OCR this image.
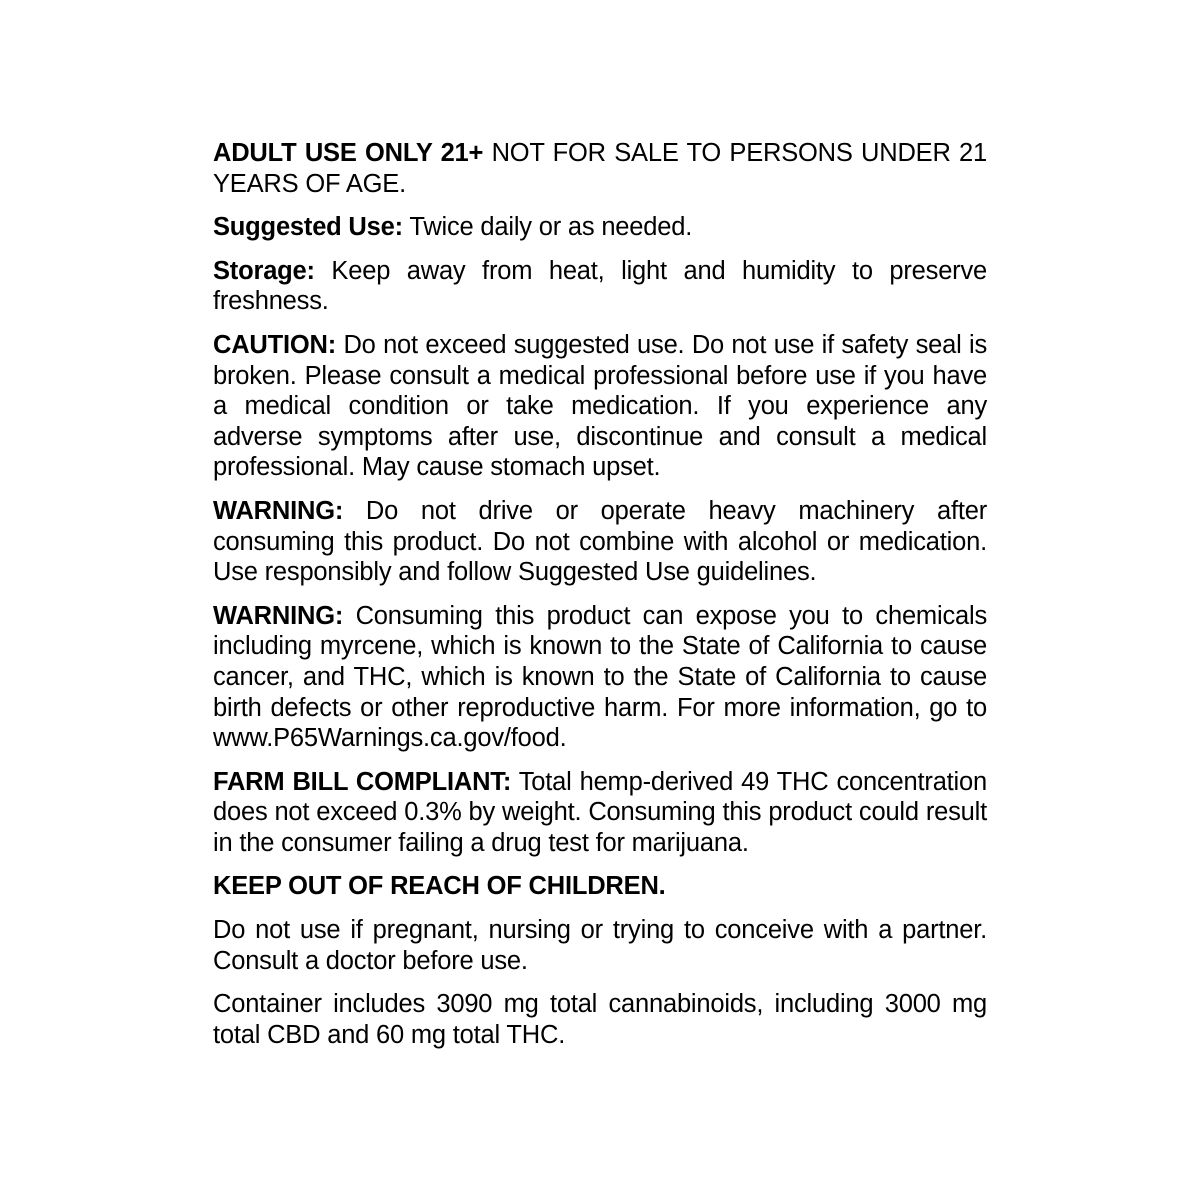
ADULT USE ONLY 21+ NOT FOR SALE TO PERSONS UNDER 21 YEARS OF AGE.

Suggested Use: Twice daily or as needed.

Storage: Keep away from heat, light and humidity to preserve freshness.

CAUTION: Do not exceed suggested use. Do not use if safety seal is broken. Please consult a medical professional before use if you have a medical condition or take medication. If you experience any adverse symptoms after use, discontinue and consult a medical professional. May cause stomach upset.

WARNING: Do not drive or operate heavy machinery after consuming this product. Do not combine with alcohol or medication. Use responsibly and follow Suggested Use guidelines.

WARNING: Consuming this product can expose you to chemicals including myrcene, which is known to the State of California to cause cancer, and THC, which is known to the State of California to cause birth defects or other reproductive harm. For more information, go to www.P65Warnings.ca.gov/food.

FARM BILL COMPLIANT: Total hemp-derived 49 THC concentration does not exceed 0.3% by weight. Consuming this product could result in the consumer failing a drug test for marijuana.

KEEP OUT OF REACH OF CHILDREN.

Do not use if pregnant, nursing or trying to conceive with a partner. Consult a doctor before use.

Container includes 3090 mg total cannabinoids, including 3000 mg total CBD and 60 mg total THC.
